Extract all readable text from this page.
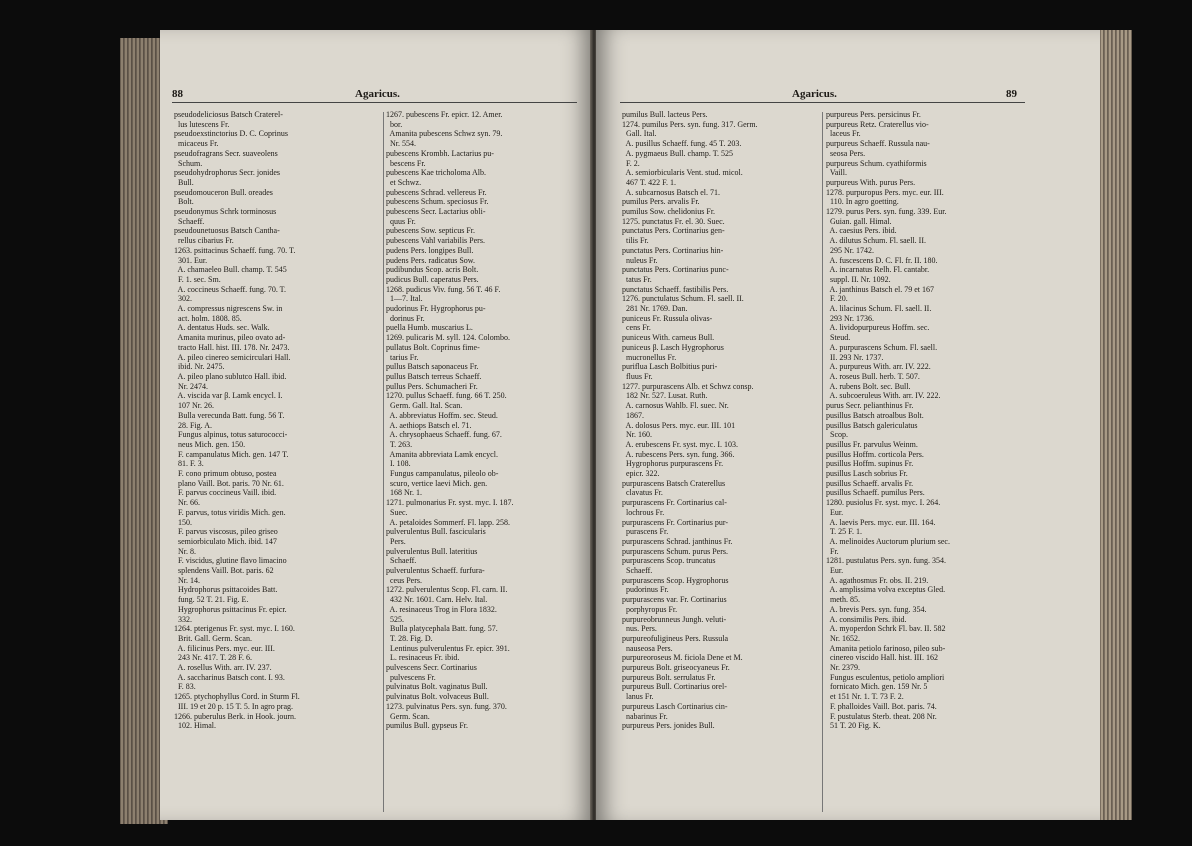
88	Agaricus.
pseudodeliciosus Batsch Craterel-
lus lutescens Fr.
pseudoexstinctorius D. C. Coprinus
micaceus Fr.
pseudofragrans Secr. suaveolens
Schum.
pseudohydrophorus Secr. jonides
Bull.
pseudomouceron Bull. oreades
Bolt.
pseudonymus Schrk torminosus
Schaeff.
pseudounetuosus Batsch Cantha-
rellus cibarius Fr.
1263. psittacinus Schaeff. fung. 70. T.
301. Eur.
A. chamaeleo Bull. champ. T. 545
F. 1. sec. Sm.
A. coccineus Schaeff. fung. 70. T.
302.
A. compressus nigrescens Sw. in
act. holm. 1808. 85.
A. dentatus Huds. sec. Walk.
Amanita murinus, pileo ovato ad-
tracto Hall. hist. III. 178. Nr. 2473.
A. pileo cinereo semicirculari Hall.
ibid. Nr. 2475.
A. pileo plano sublutco Hall. ibid.
Nr. 2474.
A. viscida var β. Lamk encycl. I.
107 Nr. 26.
Bulla verecunda Batt. fung. 56 T.
28. Fig. A.
Fungus alpinus, totus saturococci-
neus Mich. gen. 150.
F. campanulatus Mich. gen. 147 T.
81. F. 3.
F. cono primum obtuso, postea
plano Vaill. Bot. paris. 70 Nr. 61.
F. parvus coccineus Vaill. ibid.
Nr. 66.
F. parvus, totus viridis Mich. gen.
150.
F. parvus viscosus, pileo griseo
semiorbiculato Mich. ibid. 147
Nr. 8.
F. viscidus, glutine flavo limacino
splendens Vaill. Bot. paris. 62
Nr. 14.
Hydrophorus psittacoides Batt.
fung. 52 T. 21. Fig. E.
Hygrophorus psittacinus Fr. epicr.
332.
1264. pterigenus Fr. syst. myc. I. 160.
Brit. Gall. Germ. Scan.
A. filicinus Pers. myc. eur. III.
243 Nr. 417. T. 28 F. 6.
A. rosellus With. arr. IV. 237.
A. saccharinus Batsch cont. I. 93.
F. 83.
1265. ptychophyllus Cord. in Sturm Fl.
III. 19 et 20 p. 15 T. 5. In agro prag.
1266. puberulus Berk. in Hook. journ.
102. Himal.
1267. pubescens Fr. epicr. 12. Amer.
bor.
Amanita pubescens Schwz syn. 79.
Nr. 554.
pubescens Krombh. Lactarius pu-
bescens Fr.
pubescens Kae tricholoma Alb.
et Schwz.
pubescens Schrad. vellereus Fr.
pubescens Schum. speciosus Fr.
pubescens Secr. Lactarius obli-
quus Fr.
pubescens Sow. septicus Fr.
pubescens Vahl variabilis Pers.
pudens Pers. longipes Bull.
pudens Pers. radicatus Sow.
pudibundus Scop. acris Bolt.
pudicus Bull. caperatus Pers.
1268. pudicus Viv. fung. 56 T. 46 F.
1—7. Ital.
pudorinus Fr. Hygrophorus pu-
dorinus Fr.
puella Humb. muscarius L.
1269. pulicaris M. syll. 124. Colombo.
pullatus Bolt. Coprinus fime-
tarius Fr.
pullus Batsch saponaceus Fr.
pullus Batsch terreus Schaeff.
pullus Pers. Schumacheri Fr.
1270. pullus Schaeff. fung. 66 T. 250.
Germ. Gall. Ital. Scan.
A. abbreviatus Hoffm. sec. Steud.
A. aethiops Batsch el. 71.
A. chrysophaeus Schaeff. fung. 67.
T. 263.
Amanita abbreviata Lamk encycl.
I. 108.
Fungus campanulatus, pileolo ob-
scuro, vertice laevi Mich. gen.
168 Nr. 1.
1271. pulmonarius Fr. syst. myc. I. 187.
Suec.
A. petaloides Sommerf. Fl. lapp. 258.
pulverulentus Bull. fascicularis
Pers.
pulverulentus Bull. lateritius
Schaeff.
pulverulentus Schaeff. furfura-
ceus Pers.
1272. pulverulentus Scop. Fl. carn. II.
432 Nr. 1601. Carn. Helv. Ital.
A. resinaceus Trog in Flora 1832.
525.
Bulla platycephala Batt. fung. 57.
T. 28. Fig. D.
Lentinus pulverulentus Fr. epicr. 391.
L. resinaceus Fr. ibid.
pulvescens Secr. Cortinarius
pulvescens Fr.
pulvinatus Bolt. vaginatus Bull.
pulvinatus Bolt. volvaceus Bull.
1273. pulvinatus Pers. syn. fung. 370.
Germ. Scan.
pumilus Bull. gypseus Fr.
Agaricus.	89
pumilus Bull. lacteus Pers.
1274. pumilus Pers. syn. fung. 317. Germ.
Gall. Ital.
A. pusillus Schaeff. fung. 45 T. 203.
A. pygmaeus Bull. champ. T. 525
F. 2.
A. semiorbicularis Vent. stud. micol.
467 T. 422 F. 1.
A. subcarnosus Batsch el. 71.
pumilus Pers. arvalis Fr.
pumilus Sow. chelidonius Fr.
1275. punctatus Fr. el. 30. Suec.
punctatus Pers. Cortinarius gen-
tilis Fr.
punctatus Pers. Cortinarius hin-
nuleus Fr.
punctatus Pers. Cortinarius punc-
tatus Fr.
punctatus Schaeff. fastibilis Pers.
1276. punctulatus Schum. Fl. saell. II.
281 Nr. 1769. Dan.
puniceus Fr. Russula olivas-
cens Fr.
puniceus With. carneus Bull.
puniceus β. Lasch Hygrophorus
mucronellus Fr.
puriflua Lasch Bolbitius puri-
fluus Fr.
1277. purpurascens Alb. et Schwz consp.
182 Nr. 527. Lusat. Ruth.
A. carnosus Wahlb. Fl. suec. Nr.
1867.
A. dolosus Pers. myc. eur. III. 101
Nr. 160.
A. erubescens Fr. syst. myc. I. 103.
A. rubescens Pers. syn. fung. 366.
Hygrophorus purpurascens Fr.
epicr. 322.
purpurascens Batsch Craterellus
clavatus Fr.
purpurascens Fr. Cortinarius cal-
lochrous Fr.
purpurascens Fr. Cortinarius pur-
purascens Fr.
purpurascens Schrad. janthinus Fr.
purpurascens Schum. purus Pers.
purpurascens Scop. truncatus
Schaeff.
purpurascens Scop. Hygrophorus
pudorinus Fr.
purpurascens var. Fr. Cortinarius
porphyropus Fr.
purpureobrunneus Jungh. veluti-
nus. Pers.
purpureofuligineus Pers. Russula
nauseosa Pers.
purpureoroseus M. ficiolа Dene et M.
purpureus Bolt. griseocyaneus Fr.
purpureus Bolt. serrulatus Fr.
purpureus Bull. Cortinarius orel-
lanus Fr.
purpureus Lasch Cortinarius cin-
nabarinus Fr.
purpureus Pers. jonides Bull.
purpureus Pers. persicinus Fr.
purpureus Retz. Craterellus vio-
laceus Fr.
purpureus Schaeff. Russula nau-
seosa Pers.
purpureus Schum. cyathiformis
Vaill.
purpureus With. purus Pers.
1278. purpuropus Pers. myc. eur. III.
110. In agro goetting.
1279. purus Pers. syn. fung. 339. Eur.
Guian. gall. Himal.
A. caesius Pers. ibid.
A. dilutus Schum. Fl. saell. II.
295 Nr. 1742.
A. fuscescens D. C. Fl. fr. II. 180.
A. incarnatus Relh. Fl. cantabr.
suppl. II. Nr. 1092.
A. janthinus Batsch el. 79 et 167
F. 20.
A. lilacinus Schum. Fl. saell. II.
293 Nr. 1736.
A. lividopurpureus Hoffm. sec.
Steud.
A. purpurascens Schum. Fl. saell.
II. 293 Nr. 1737.
A. purpureus With. arr. IV. 222.
A. roseus Bull. herb. T. 507.
A. rubens Bolt. sec. Bull.
A. subcoeruleus With. arr. IV. 222.
purus Secr. pelianthinus Fr.
pusillus Batsch atroalbus Bolt.
pusillus Batsch galericulatus
Scop.
pusillus Fr. parvulus Weinm.
pusillus Hoffm. corticola Pers.
pusillus Hoffm. supinus Fr.
pusillus Lasch sobrius Fr.
pusillus Schaeff. arvalis Fr.
pusillus Schaeff. pumilus Pers.
1280. pusiolus Fr. syst. myc. I. 264.
Eur.
A. laevis Pers. myc. eur. III. 164.
T. 25 F. 1.
A. melinoides Auctorum plurium sec.
Fr.
1281. pustulatus Pers. syn. fung. 354.
Eur.
A. agathosmus Fr. obs. II. 219.
A. amplissima volva exceptus Gled.
meth. 85.
A. brevis Pers. syn. fung. 354.
A. consimilis Pers. ibid.
A. myoperdon Schrk Fl. bav. II. 582
Nr. 1652.
Amanita petiolo farinoso, pileo sub-
cinereo viscido Hall. hist. III. 162
Nr. 2379.
Fungus esculentus, petiolo ampliori
fornicato Mich. gen. 159 Nr. 5
et 151 Nr. 1. T. 73 F. 2.
F. phalloides Vaill. Bot. paris. 74.
F. pustulatus Sterb. theat. 208 Nr.
51 T. 20 Fig. K.
